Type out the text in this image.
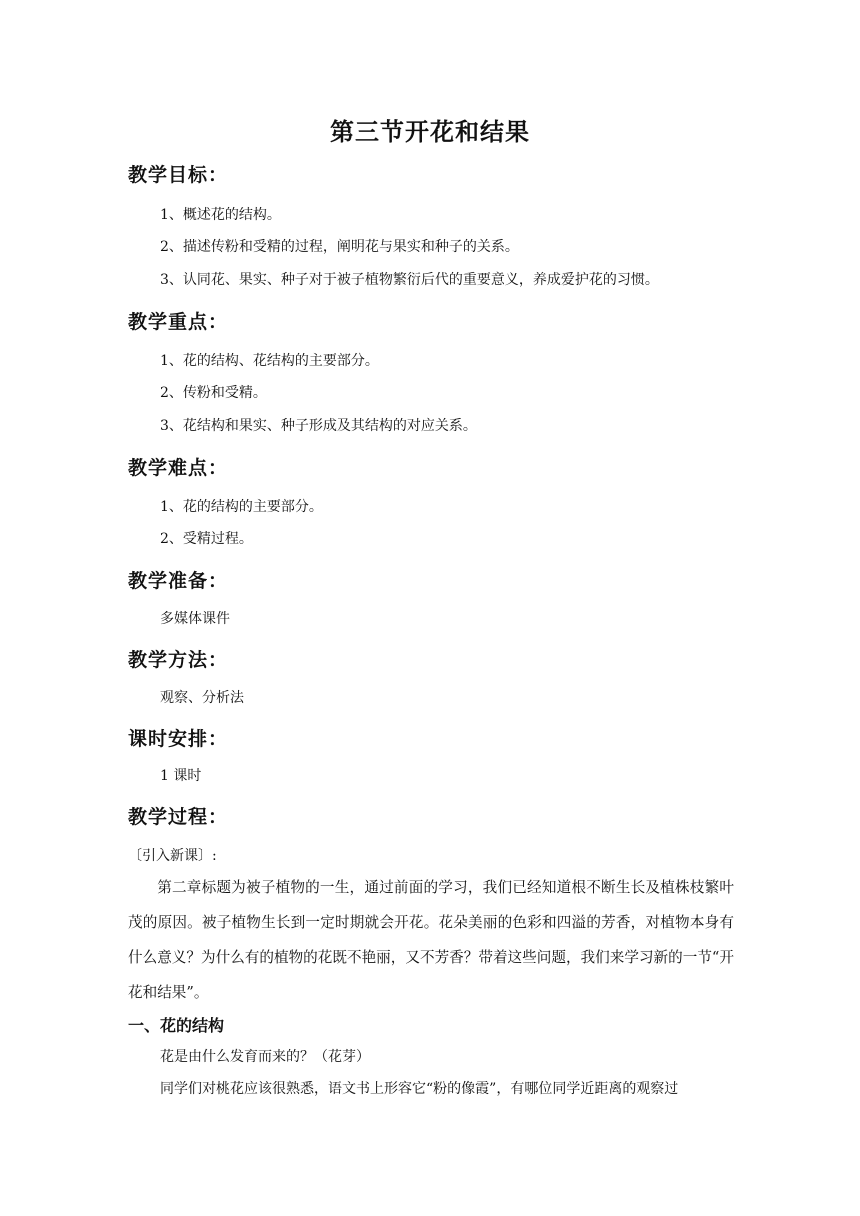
第三节开花和结果
教学目标：
1、概述花的结构。
2、描述传粉和受精的过程，阐明花与果实和种子的关系。
3、认同花、果实、种子对于被子植物繁衍后代的重要意义，养成爱护花的习惯。
教学重点：
1、花的结构、花结构的主要部分。
2、传粉和受精。
3、花结构和果实、种子形成及其结构的对应关系。
教学难点：
1、花的结构的主要部分。
2、受精过程。
教学准备：
多媒体课件
教学方法：
观察、分析法
课时安排：
1 课时
教学过程：
〔引入新课〕:

第二章标题为被子植物的一生，通过前面的学习，我们已经知道根不断生长及植株枝繁叶茂的原因。被子植物生长到一定时期就会开花。花朵美丽的色彩和四溢的芳香，对植物本身有什么意义？为什么有的植物的花既不艳丽，又不芳香？带着这些问题，我们来学习新的一节“开花和结果”。

一、花的结构
花是由什么发育而来的？（花芽）
同学们对桃花应该很熟悉，语文书上形容它“粉的像霞”，有哪位同学近距离的观察过
